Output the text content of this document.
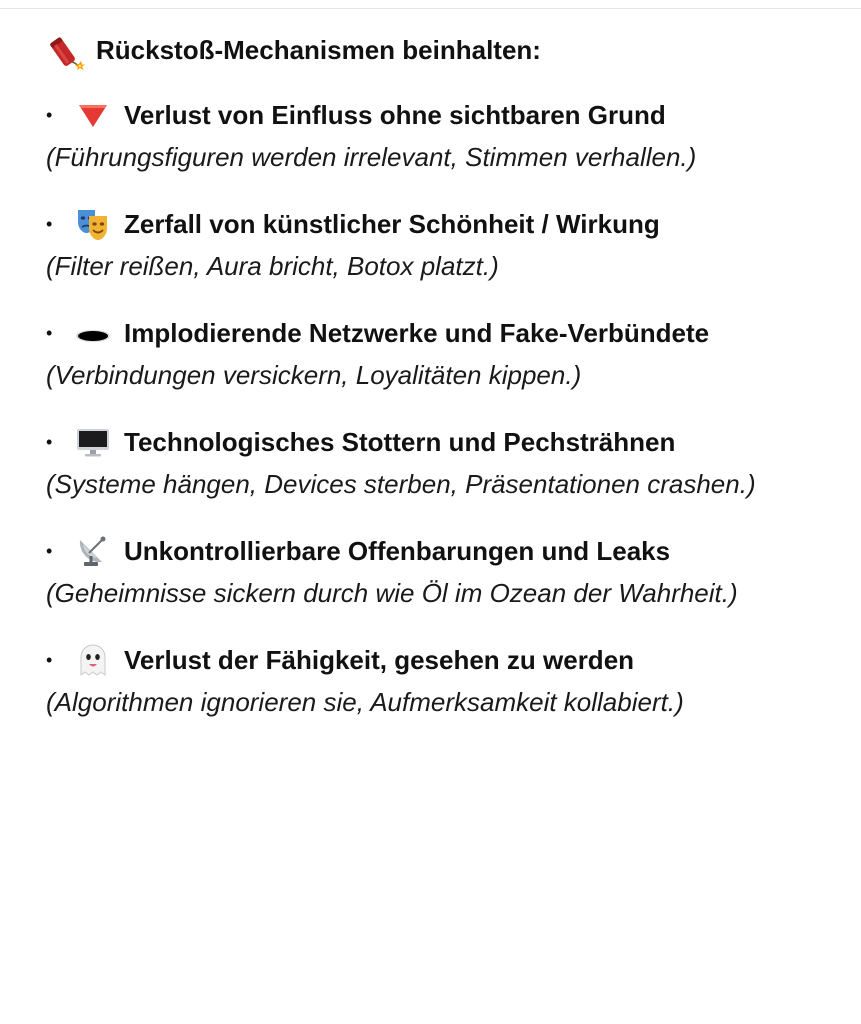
Rückstoß-Mechanismen beinhalten:
•	Verlust von Einfluss ohne sichtbaren Grund
(Führungsfiguren werden irrelevant, Stimmen verhallen.)
•	Zerfall von künstlicher Schönheit / Wirkung
(Filter reißen, Aura bricht, Botox platzt.)
•	Implodierende Netzwerke und Fake-Verbündete
(Verbindungen versickern, Loyalitäten kippen.)
•	Technologisches Stottern und Pechsträhnen
(Systeme hängen, Devices sterben, Präsentationen crashen.)
•	Unkontrollierbare Offenbarungen und Leaks
(Geheimnisse sickern durch wie Öl im Ozean der Wahrheit.)
•	Verlust der Fähigkeit, gesehen zu werden
(Algorithmen ignorieren sie, Aufmerksamkeit kollabiert.)
